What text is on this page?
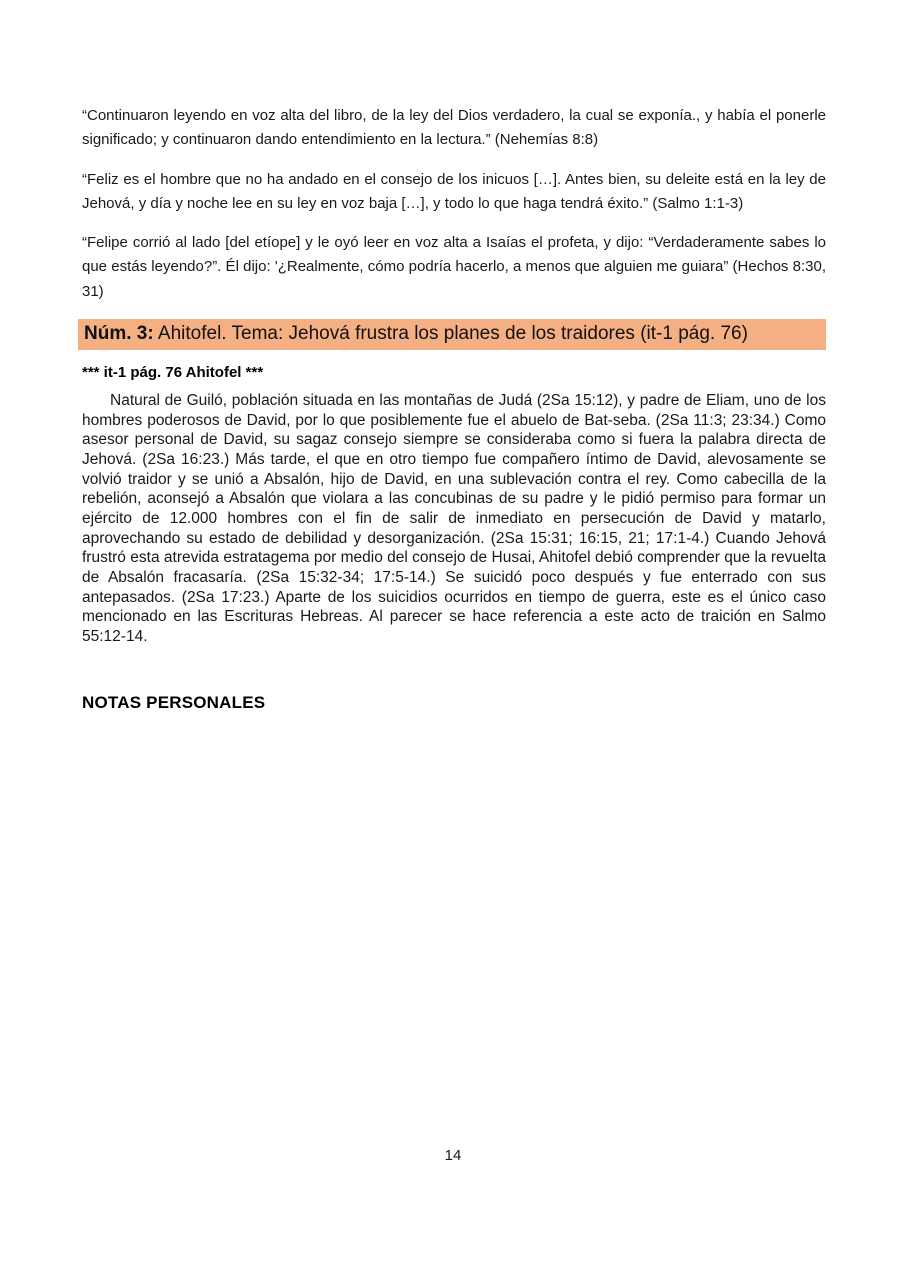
“Continuaron leyendo en voz alta del libro, de la ley del Dios verdadero, la cual se exponía., y había el ponerle significado; y continuaron dando entendimiento en la lectura.” (Nehemías 8:8)

“Feliz es el hombre que no ha andado en el consejo de los inicuos […]. Antes bien, su deleite está en la ley de Jehová, y día y noche lee en su ley en voz baja […], y todo lo que haga tendrá éxito.” (Salmo 1:1-3)

“Felipe corrió al lado [del etíope] y le oyó leer en voz alta a Isaías el profeta, y dijo: “Verdaderamente sabes lo que estás leyendo?”. Él dijo: '¿Realmente, cómo podría hacerlo, a menos que alguien me guiara” (Hechos 8:30, 31)

Núm. 3: Ahitofel. Tema: Jehová frustra los planes de los traidores (it-1 pág. 76)

*** it-1 pág. 76 Ahitofel ***

Natural de Guiló, población situada en las montañas de Judá (2Sa 15:12), y padre de Eliam, uno de los hombres poderosos de David, por lo que posiblemente fue el abuelo de Bat-seba. (2Sa 11:3; 23:34.) Como asesor personal de David, su sagaz consejo siempre se consideraba como si fuera la palabra directa de Jehová. (2Sa 16:23.) Más tarde, el que en otro tiempo fue compañero íntimo de David, alevosamente se volvió traidor y se unió a Absalón, hijo de David, en una sublevación contra el rey. Como cabecilla de la rebelión, aconsejó a Absalón que violara a las concubinas de su padre y le pidió permiso para formar un ejército de 12.000 hombres con el fin de salir de inmediato en persecución de David y matarlo, aprovechando su estado de debilidad y desorganización. (2Sa 15:31; 16:15, 21; 17:1-4.) Cuando Jehová frustró esta atrevida estratagema por medio del consejo de Husai, Ahitofel debió comprender que la revuelta de Absalón fracasaría. (2Sa 15:32-34; 17:5-14.) Se suicidó poco después y fue enterrado con sus antepasados. (2Sa 17:23.) Aparte de los suicidios ocurridos en tiempo de guerra, este es el único caso mencionado en las Escrituras Hebreas. Al parecer se hace referencia a este acto de traición en Salmo 55:12-14.

NOTAS PERSONALES
14
